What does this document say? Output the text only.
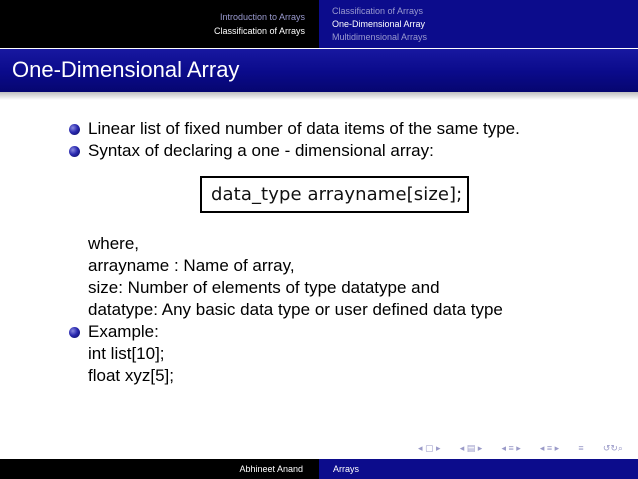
Introduction to Arrays
Classification of Arrays
Classification of Arrays
One-Dimensional Array
Multidimensional Arrays
One-Dimensional Array
Linear list of fixed number of data items of the same type.
Syntax of declaring a one - dimensional array:
data_type arrayname[size];
where,
arrayname : Name of array,
size: Number of elements of type datatype and
datatype: Any basic data type or user defined data type
Example:
int list[10];
float xyz[5];
◂ ▢ ▸ ◂ ▤ ▸ ◂ ≡ ▸ ◂ ≡ ▸ ≡ ↺↻⌕
Abhineet Anand	Arrays
